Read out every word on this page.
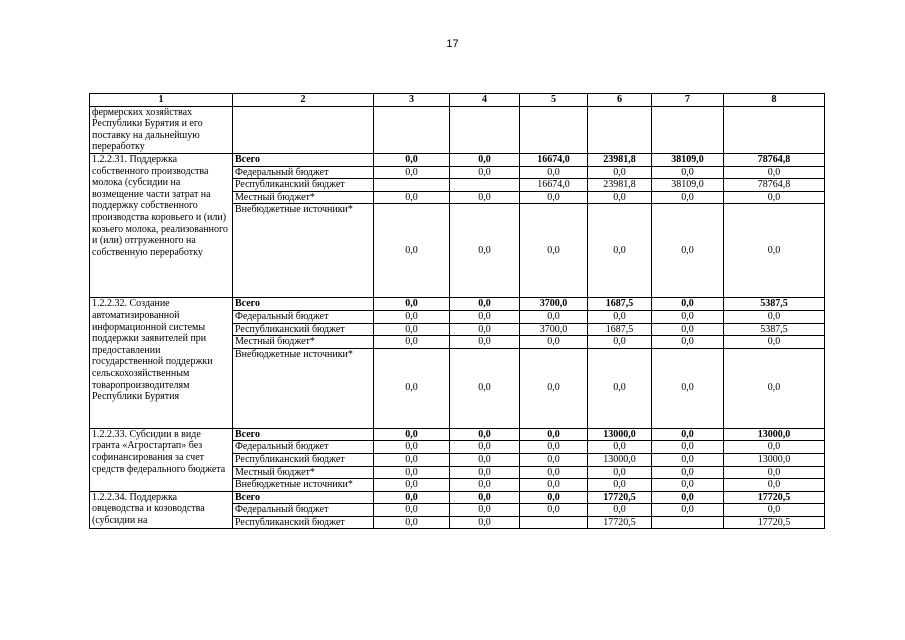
17
1	2	3	4	5	6	7	8
фермерских хозяйствах Республики Бурятия и его поставку на дальнейшую переработку							
1.2.2.31. Поддержка собственного производства молока (субсидии на возмещение части затрат на поддержку собственного производства коровьего и (или) козьего молока, реализованного и (или) отгруженного на собственную переработку	Всего	0,0	0,0	16674,0	23981,8	38109,0	78764,8
	Федеральный бюджет	0,0	0,0	0,0	0,0	0,0	0,0
	Республиканский бюджет			16674,0	23981,8	38109,0	78764,8
	Местный бюджет*	0,0	0,0	0,0	0,0	0,0	0,0
	Внебюджетные источники*	0,0	0,0	0,0	0,0	0,0	0,0
1.2.2.32. Создание автоматизированной информационной системы поддержки заявителей при предоставлении государственной поддержки сельскохозяйственным товаропроизводителям Республики Бурятия	Всего	0,0	0,0	3700,0	1687,5	0,0	5387,5
	Федеральный бюджет	0,0	0,0	0,0	0,0	0,0	0,0
	Республиканский бюджет	0,0	0,0	3700,0	1687,5	0,0	5387,5
	Местный бюджет*	0,0	0,0	0,0	0,0	0,0	0,0
	Внебюджетные источники*	0,0	0,0	0,0	0,0	0,0	0,0
1.2.2.33. Субсидии в виде гранта «Агростартап» без софинансирования за счет средств федерального бюджета	Всего	0,0	0,0	0,0	13000,0	0,0	13000,0
	Федеральный бюджет	0,0	0,0	0,0	0,0	0,0	0,0
	Республиканский бюджет	0,0	0,0	0,0	13000,0	0,0	13000,0
	Местный бюджет*	0,0	0,0	0,0	0,0	0,0	0,0
	Внебюджетные источники*	0,0	0,0	0,0	0,0	0,0	0,0
1.2.2.34. Поддержка овцеводства и козоводства (субсидии на	Всего	0,0	0,0	0,0	17720,5	0,0	17720,5
	Федеральный бюджет	0,0	0,0	0,0	0,0	0,0	0,0
	Республиканский бюджет	0,0	0,0		17720,5		17720,5
